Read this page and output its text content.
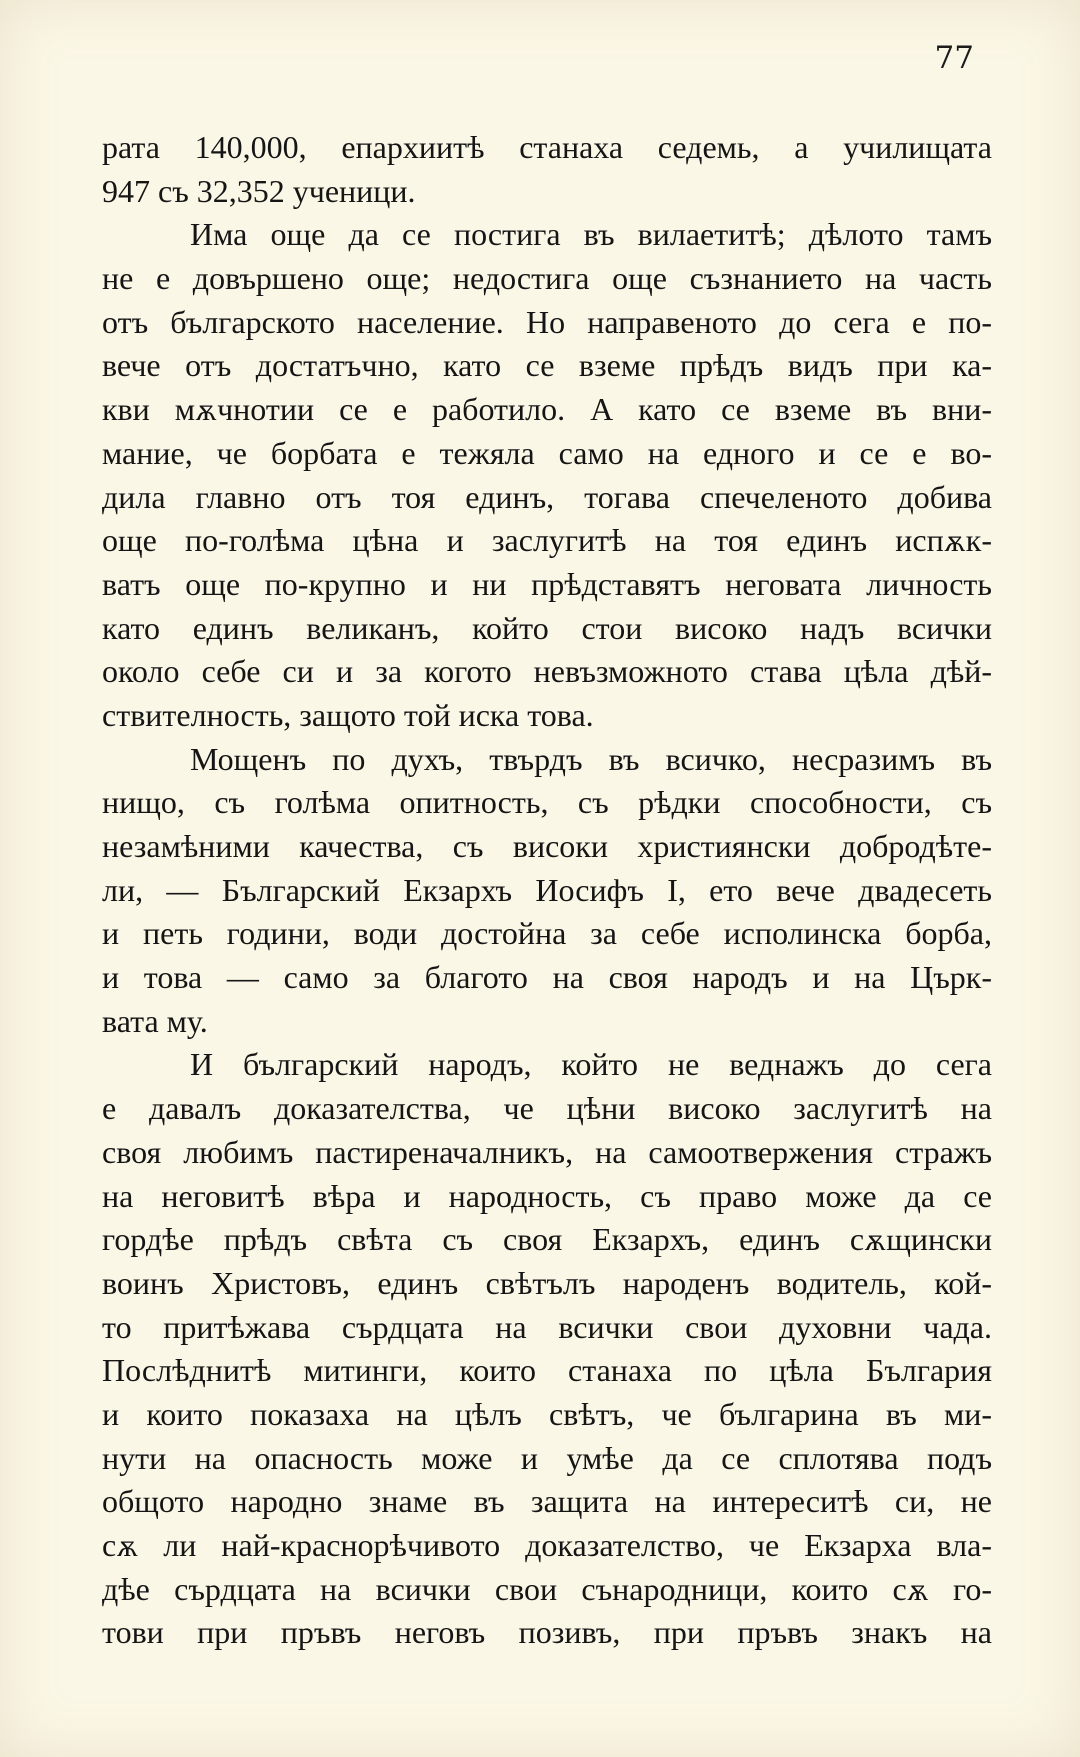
77
рата 140,000, епархиитѣ станаха седемь, а училищата
947 съ 32,352 ученици.
Има още да се постига въ вилаетитѣ; дѣлото тамъ
не е довършено още; недостига още съзнанието на часть
отъ българското население. Но направеното до сега е по-
вече отъ достатъчно, като се вземе прѣдъ видъ при ка-
кви мѫчнотии се е работило. А като се вземе въ вни-
мание, че борбата е тежяла само на едного и се е во-
дила главно отъ тоя единъ, тогава спечеленото добива
още по-голѣма цѣна и заслугитѣ на тоя единъ испѫк-
ватъ още по-крупно и ни прѣдставятъ неговата личность
като единъ великанъ, който стои високо надъ всички
около себе си и за когото невъзможното става цѣла дѣй-
ствителность, защото той иска това.
Мощенъ по духъ, твърдъ въ всичко, несразимъ въ
нищо, съ голѣма опитность, съ рѣдки способности, съ
незамѣними качества, съ високи християнски добродѣте-
ли, — Българский Екзархъ Иосифъ I, ето вече двадесеть
и петь години, води достойна за себе исполинска борба,
и това — само за благото на своя народъ и на Църк-
вата му.
И българский народъ, който не веднажъ до сега
е давалъ доказателства, че цѣни високо заслугитѣ на
своя любимъ пастиреначалникъ, на самоотвержения стражъ
на неговитѣ вѣра и народность, съ право може да се
гордѣе прѣдъ свѣта съ своя Екзархъ, единъ сѫщински
воинъ Христовъ, единъ свѣтълъ народенъ водитель, кой-
то притѣжава сърдцата на всички свои духовни чада.
Послѣднитѣ митинги, които станаха по цѣла България
и които показаха на цѣлъ свѣтъ, че българина въ ми-
нути на опасность може и умѣе да се сплотява подъ
общото народно знаме въ защита на интереситѣ си, не
сѫ ли най-краснорѣчивото доказателство, че Екзарха вла-
дѣе сърдцата на всички свои сънародници, които сѫ го-
тови при пръвъ неговъ позивъ, при пръвъ знакъ на
